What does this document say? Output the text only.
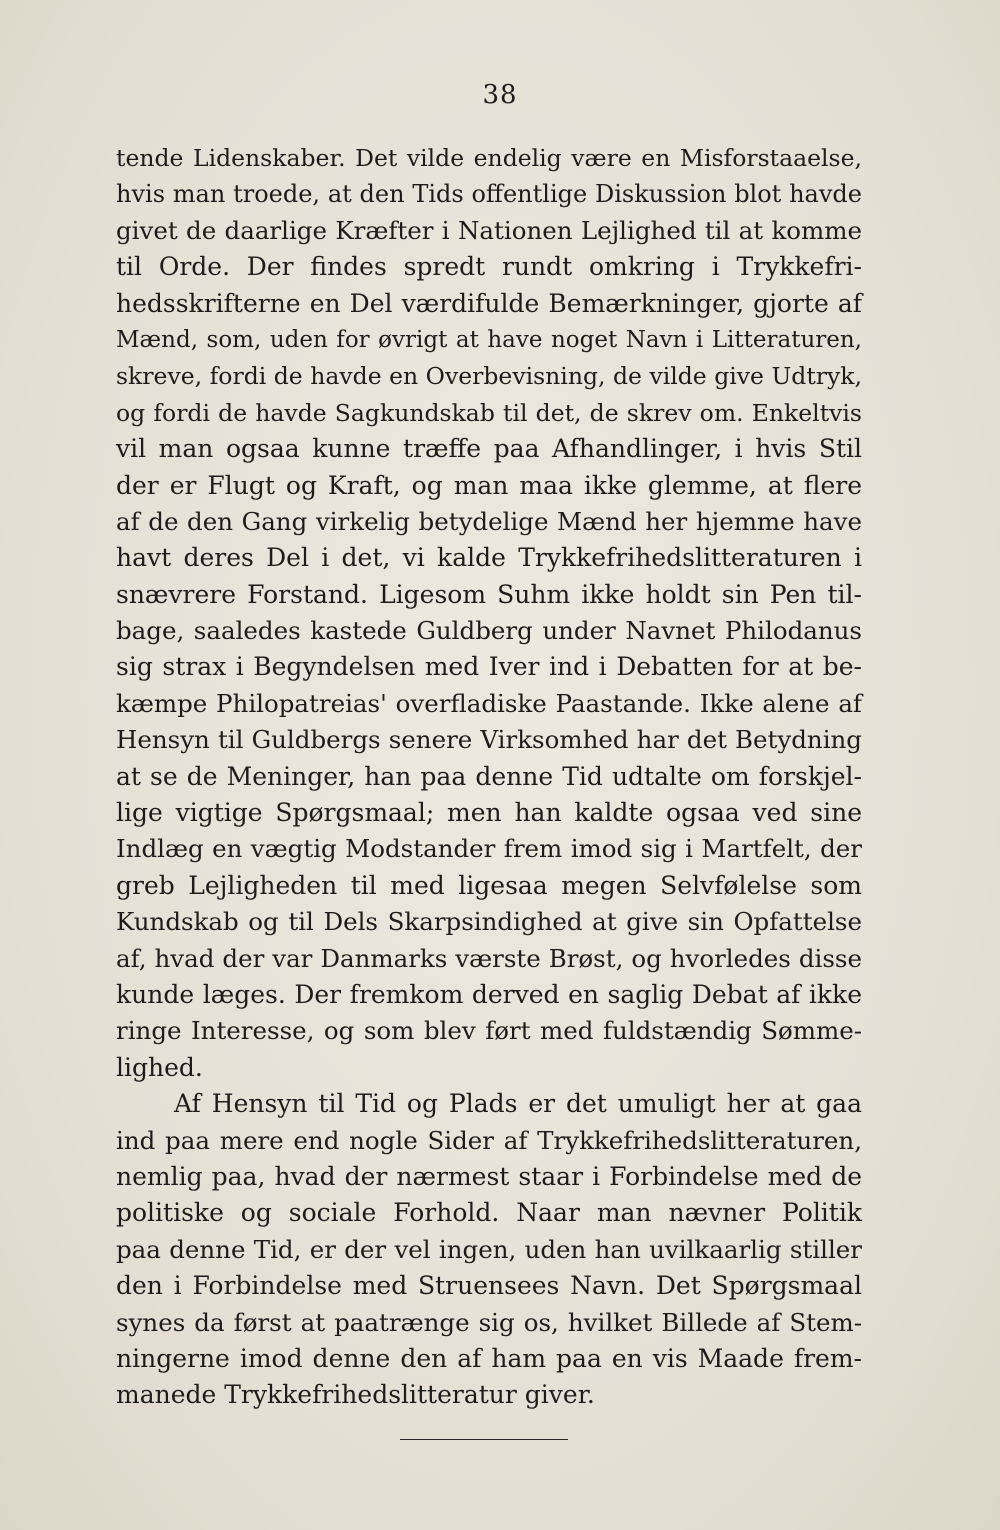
38
tende Lidenskaber. Det vilde endelig være en Misforstaaelse,
hvis man troede, at den Tids offentlige Diskussion blot havde
givet de daarlige Kræfter i Nationen Lejlighed til at komme
til Orde. Der findes spredt rundt omkring i Trykkefri-
hedsskrifterne en Del værdifulde Bemærkninger, gjorte af
Mænd, som, uden for øvrigt at have noget Navn i Litteraturen,
skreve, fordi de havde en Overbevisning, de vilde give Udtryk,
og fordi de havde Sagkundskab til det, de skrev om. Enkeltvis
vil man ogsaa kunne træffe paa Afhandlinger, i hvis Stil
der er Flugt og Kraft, og man maa ikke glemme, at flere
af de den Gang virkelig betydelige Mænd her hjemme have
havt deres Del i det, vi kalde Trykkefrihedslitteraturen i
snævrere Forstand. Ligesom Suhm ikke holdt sin Pen til-
bage, saaledes kastede Guldberg under Navnet Philodanus
sig strax i Begyndelsen med Iver ind i Debatten for at be-
kæmpe Philopatreias' overfladiske Paastande. Ikke alene af
Hensyn til Guldbergs senere Virksomhed har det Betydning
at se de Meninger, han paa denne Tid udtalte om forskjel-
lige vigtige Spørgsmaal; men han kaldte ogsaa ved sine
Indlæg en vægtig Modstander frem imod sig i Martfelt, der
greb Lejligheden til med ligesaa megen Selvfølelse som
Kundskab og til Dels Skarpsindighed at give sin Opfattelse
af, hvad der var Danmarks værste Brøst, og hvorledes disse
kunde læges. Der fremkom derved en saglig Debat af ikke
ringe Interesse, og som blev ført med fuldstændig Sømme-
lighed.
Af Hensyn til Tid og Plads er det umuligt her at gaa
ind paa mere end nogle Sider af Trykkefrihedslitteraturen,
nemlig paa, hvad der nærmest staar i Forbindelse med de
politiske og sociale Forhold. Naar man nævner Politik
paa denne Tid, er der vel ingen, uden han uvilkaarlig stiller
den i Forbindelse med Struensees Navn. Det Spørgsmaal
synes da først at paatrænge sig os, hvilket Billede af Stem-
ningerne imod denne den af ham paa en vis Maade frem-
manede Trykkefrihedslitteratur giver.
